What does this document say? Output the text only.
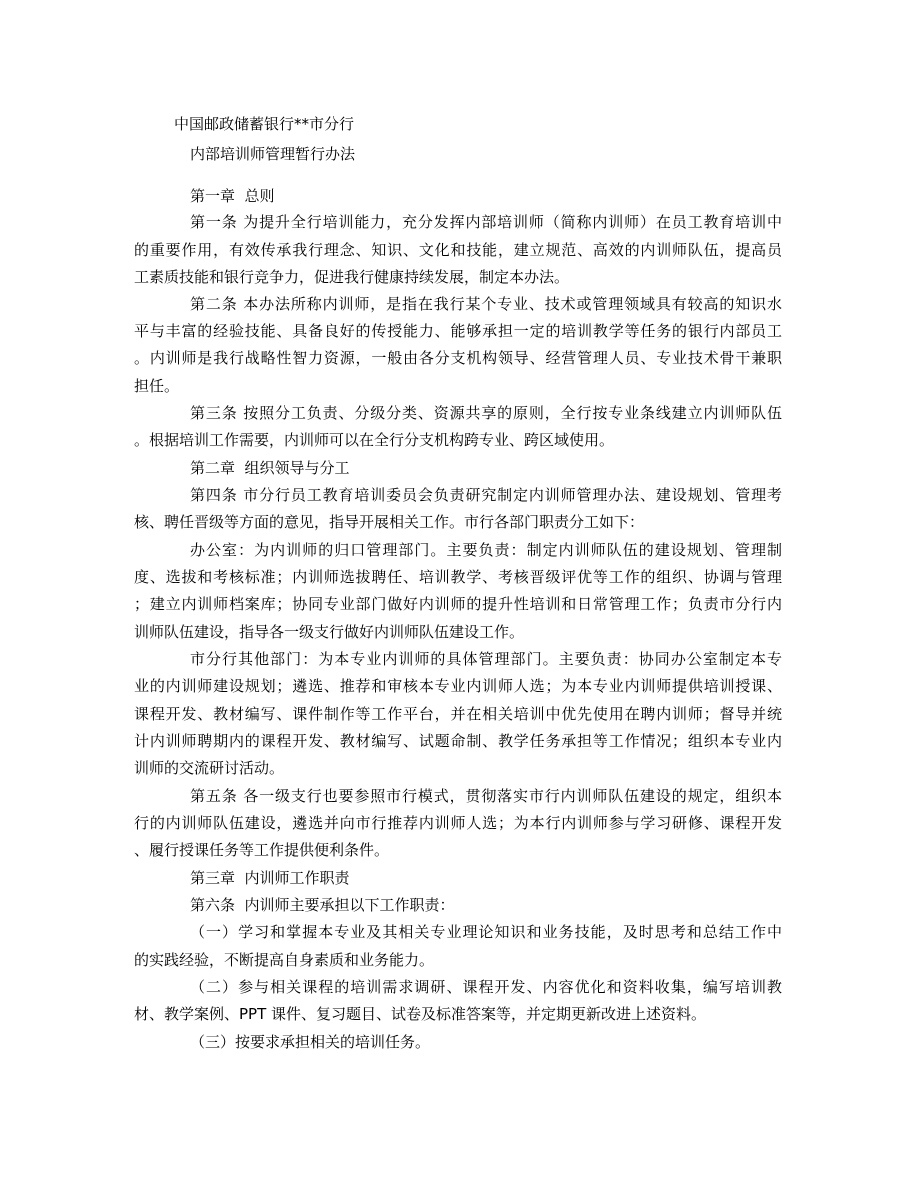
中国邮政储蓄银行**市分行
内部培训师管理暂行办法
第一章  总则
第一条 为提升全行培训能力，充分发挥内部培训师（简称内训师）在员工教育培训中
的重要作用，有效传承我行理念、知识、文化和技能，建立规范、高效的内训师队伍，提高员
工素质技能和银行竞争力，促进我行健康持续发展，制定本办法。
第二条 本办法所称内训师，是指在我行某个专业、技术或管理领域具有较高的知识水
平与丰富的经验技能、具备良好的传授能力、能够承担一定的培训教学等任务的银行内部员工
。内训师是我行战略性智力资源，一般由各分支机构领导、经营管理人员、专业技术骨干兼职
担任。
第三条 按照分工负责、分级分类、资源共享的原则，全行按专业条线建立内训师队伍
。根据培训工作需要，内训师可以在全行分支机构跨专业、跨区域使用。
第二章  组织领导与分工
第四条 市分行员工教育培训委员会负责研究制定内训师管理办法、建设规划、管理考
核、聘任晋级等方面的意见，指导开展相关工作。市行各部门职责分工如下：
办公室：为内训师的归口管理部门。主要负责：制定内训师队伍的建设规划、管理制
度、选拔和考核标准；内训师选拔聘任、培训教学、考核晋级评优等工作的组织、协调与管理
；建立内训师档案库；协同专业部门做好内训师的提升性培训和日常管理工作；负责市分行内
训师队伍建设，指导各一级支行做好内训师队伍建设工作。
市分行其他部门：为本专业内训师的具体管理部门。主要负责：协同办公室制定本专
业的内训师建设规划；遴选、推荐和审核本专业内训师人选；为本专业内训师提供培训授课、
课程开发、教材编写、课件制作等工作平台，并在相关培训中优先使用在聘内训师；督导并统
计内训师聘期内的课程开发、教材编写、试题命制、教学任务承担等工作情况；组织本专业内
训师的交流研讨活动。
第五条 各一级支行也要参照市行模式，贯彻落实市行内训师队伍建设的规定，组织本
行的内训师队伍建设，遴选并向市行推荐内训师人选；为本行内训师参与学习研修、课程开发
、履行授课任务等工作提供便利条件。
第三章  内训师工作职责
第六条  内训师主要承担以下工作职责：
（一）学习和掌握本专业及其相关专业理论知识和业务技能，及时思考和总结工作中
的实践经验，不断提高自身素质和业务能力。
（二）参与相关课程的培训需求调研、课程开发、内容优化和资料收集，编写培训教
材、教学案例、PPT 课件、复习题目、试卷及标准答案等，并定期更新改进上述资料。
（三）按要求承担相关的培训任务。
